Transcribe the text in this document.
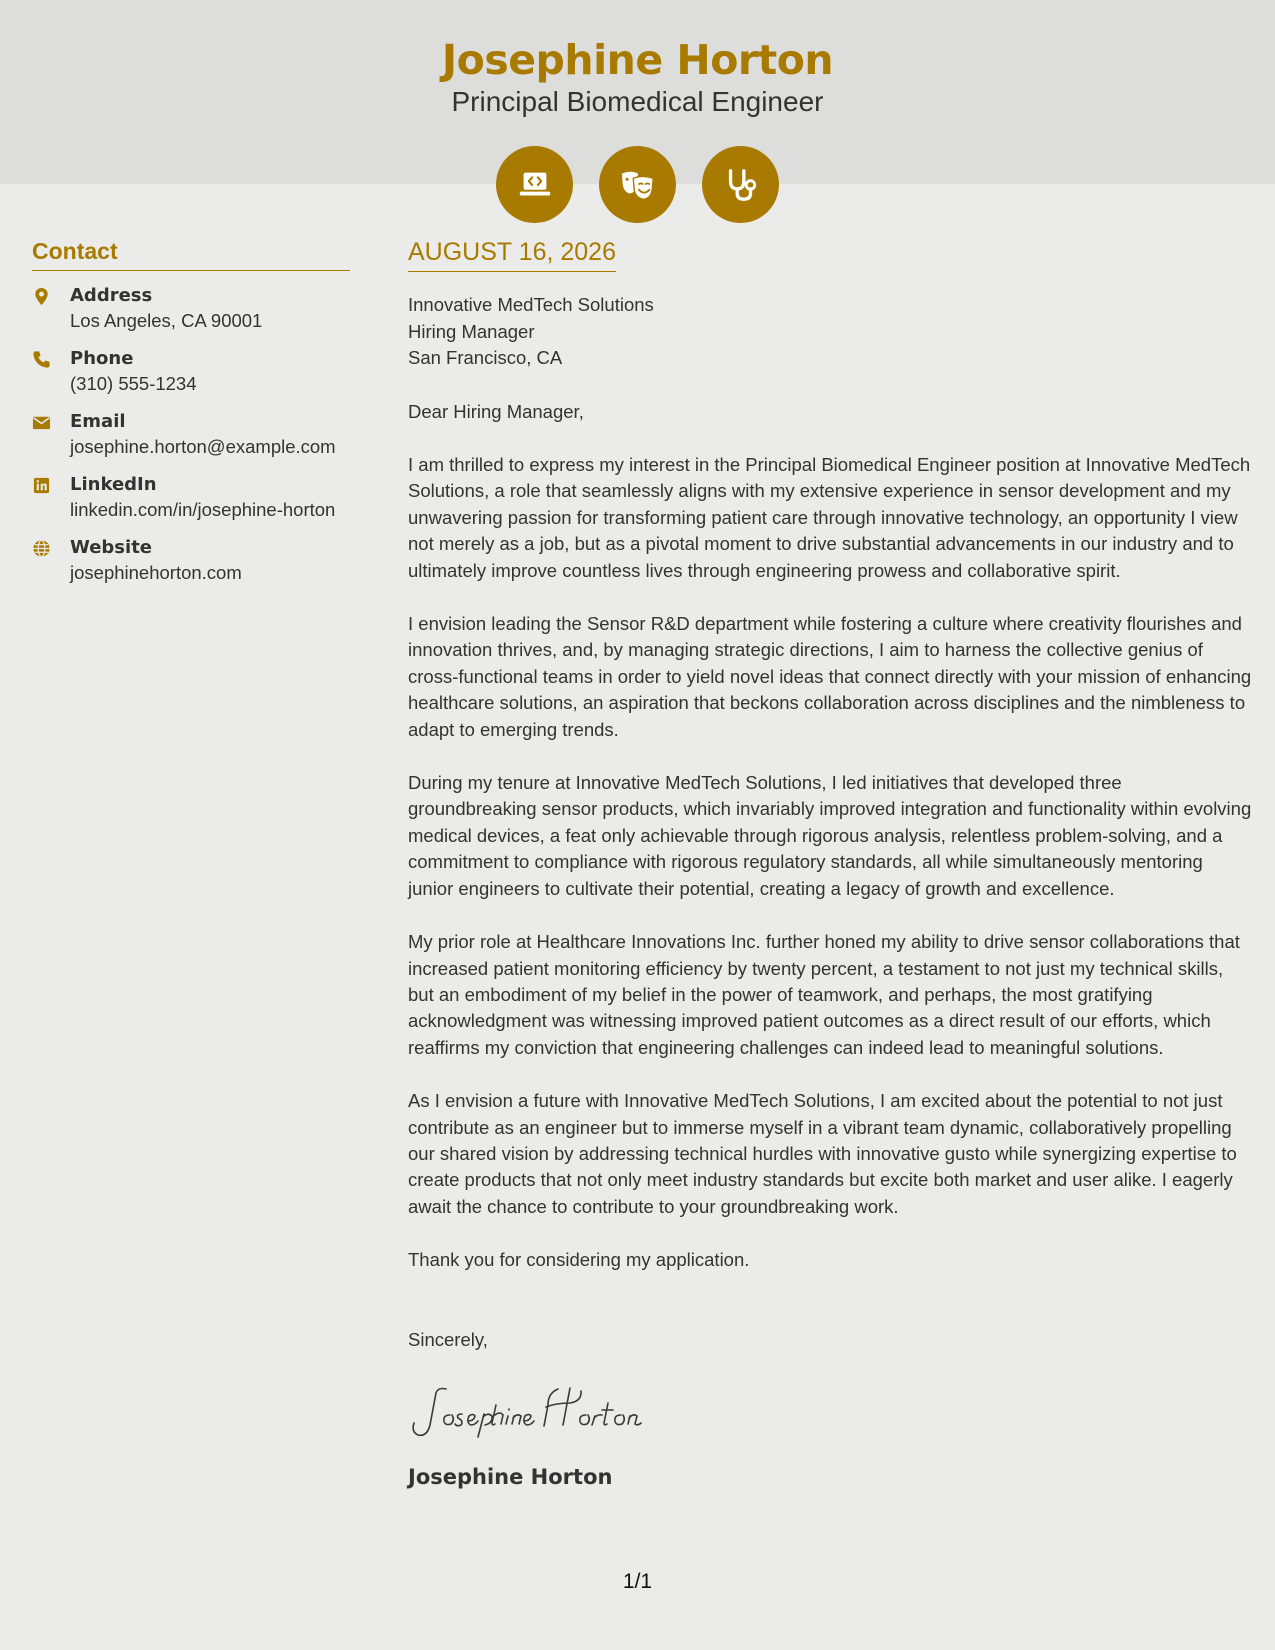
Josephine Horton
Principal Biomedical Engineer
Contact
Address
Los Angeles, CA 90001
Phone
(310) 555-1234
Email
josephine.horton@example.com
LinkedIn
linkedin.com/in/josephine-horton
Website
josephinehorton.com
AUGUST 16, 2026
Innovative MedTech Solutions
Hiring Manager
San Francisco, CA

Dear Hiring Manager,

I am thrilled to express my interest in the Principal Biomedical Engineer position at Innovative MedTech Solutions, a role that seamlessly aligns with my extensive experience in sensor development and my unwavering passion for transforming patient care through innovative technology, an opportunity I view not merely as a job, but as a pivotal moment to drive substantial advancements in our industry and to ultimately improve countless lives through engineering prowess and collaborative spirit.

I envision leading the Sensor R&D department while fostering a culture where creativity flourishes and innovation thrives, and, by managing strategic directions, I aim to harness the collective genius of cross-functional teams in order to yield novel ideas that connect directly with your mission of enhancing healthcare solutions, an aspiration that beckons collaboration across disciplines and the nimbleness to adapt to emerging trends.

During my tenure at Innovative MedTech Solutions, I led initiatives that developed three groundbreaking sensor products, which invariably improved integration and functionality within evolving medical devices, a feat only achievable through rigorous analysis, relentless problem-solving, and a commitment to compliance with rigorous regulatory standards, all while simultaneously mentoring junior engineers to cultivate their potential, creating a legacy of growth and excellence.

My prior role at Healthcare Innovations Inc. further honed my ability to drive sensor collaborations that increased patient monitoring efficiency by twenty percent, a testament to not just my technical skills, but an embodiment of my belief in the power of teamwork, and perhaps, the most gratifying acknowledgment was witnessing improved patient outcomes as a direct result of our efforts, which reaffirms my conviction that engineering challenges can indeed lead to meaningful solutions.

As I envision a future with Innovative MedTech Solutions, I am excited about the potential to not just contribute as an engineer but to immerse myself in a vibrant team dynamic, collaboratively propelling our shared vision by addressing technical hurdles with innovative gusto while synergizing expertise to create products that not only meet industry standards but excite both market and user alike. I eagerly await the chance to contribute to your groundbreaking work.

Thank you for considering my application.

Sincerely,

Josephine Horton
1/1
